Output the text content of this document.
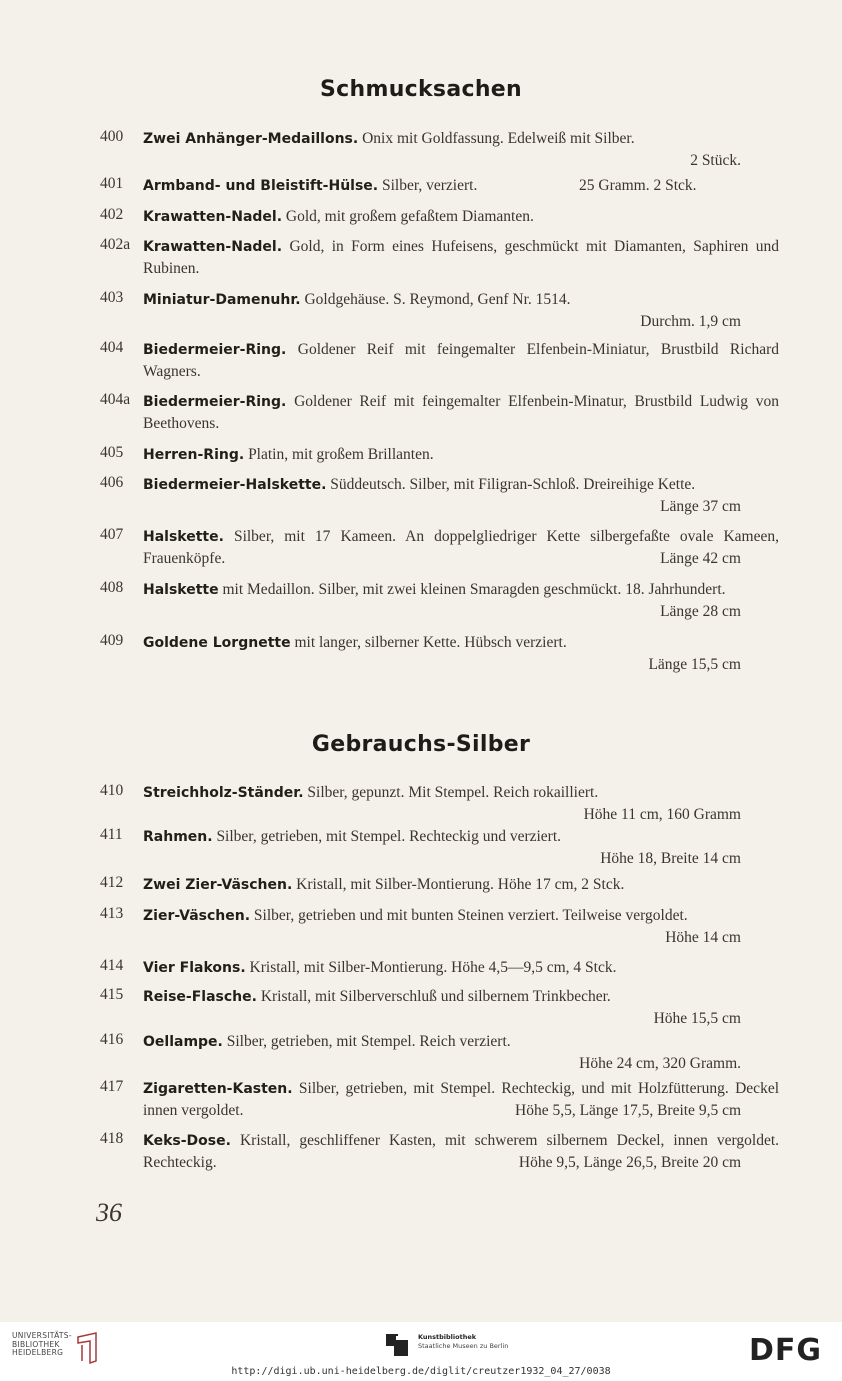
Schmucksachen
400 Zwei Anhänger-Medaillons. Onix mit Goldfassung. Edelweiß mit Silber.
2 Stück.
401 Armband- und Bleistift-Hülse. Silber, verziert.	25 Gramm. 2 Stck.
402 Krawatten-Nadel. Gold, mit großem gefaßtem Diamanten.
402a Krawatten-Nadel. Gold, in Form eines Hufeisens, geschmückt mit Diamanten, Saphiren und Rubinen.
403 Miniatur-Damenuhr. Goldgehäuse. S. Reymond, Genf Nr. 1514.
Durchm. 1,9 cm
404 Biedermeier-Ring. Goldener Reif mit feingemalter Elfenbein-Miniatur, Brustbild Richard Wagners.
404a Biedermeier-Ring. Goldener Reif mit feingemalter Elfenbein-Minatur, Brustbild Ludwig von Beethovens.
405 Herren-Ring. Platin, mit großem Brillanten.
406 Biedermeier-Halskette. Süddeutsch. Silber, mit Filigran-Schloß. Dreireihige Kette.
Länge 37 cm
407 Halskette. Silber, mit 17 Kameen. An doppelgliedriger Kette silbergefaßte ovale Kameen, Frauenköpfe.	Länge 42 cm
408 Halskette mit Medaillon. Silber, mit zwei kleinen Smaragden geschmückt. 18. Jahrhundert.
Länge 28 cm
409 Goldene Lorgnette mit langer, silberner Kette. Hübsch verziert.
Länge 15,5 cm
Gebrauchs-Silber
410 Streichholz-Ständer. Silber, gepunzt. Mit Stempel. Reich rokailliert.
Höhe 11 cm, 160 Gramm
411 Rahmen. Silber, getrieben, mit Stempel. Rechteckig und verziert.
Höhe 18, Breite 14 cm
412 Zwei Zier-Väschen. Kristall, mit Silber-Montierung. Höhe 17 cm, 2 Stck.
413 Zier-Väschen. Silber, getrieben und mit bunten Steinen verziert. Teilweise vergoldet.
Höhe 14 cm
414 Vier Flakons. Kristall, mit Silber-Montierung. Höhe 4,5—9,5 cm, 4 Stck.
415 Reise-Flasche. Kristall, mit Silberverschluß und silbernem Trinkbecher.
Höhe 15,5 cm
416 Oellampe. Silber, getrieben, mit Stempel. Reich verziert.
Höhe 24 cm, 320 Gramm.
417 Zigaretten-Kasten. Silber, getrieben, mit Stempel. Rechteckig, und mit Holzfütterung. Deckel innen vergoldet.	Höhe 5,5, Länge 17,5, Breite 9,5 cm
418 Keks-Dose. Kristall, geschliffener Kasten, mit schwerem silbernem Deckel, innen vergoldet. Rechteckig.	Höhe 9,5, Länge 26,5, Breite 20 cm
36
UNIVERSITÄTS-
BIBLIOTHEK
HEIDELBERG
Kunstbibliothek
Staatliche Museen zu Berlin	DFG
http://digi.ub.uni-heidelberg.de/diglit/creutzer1932_04_27/0038
